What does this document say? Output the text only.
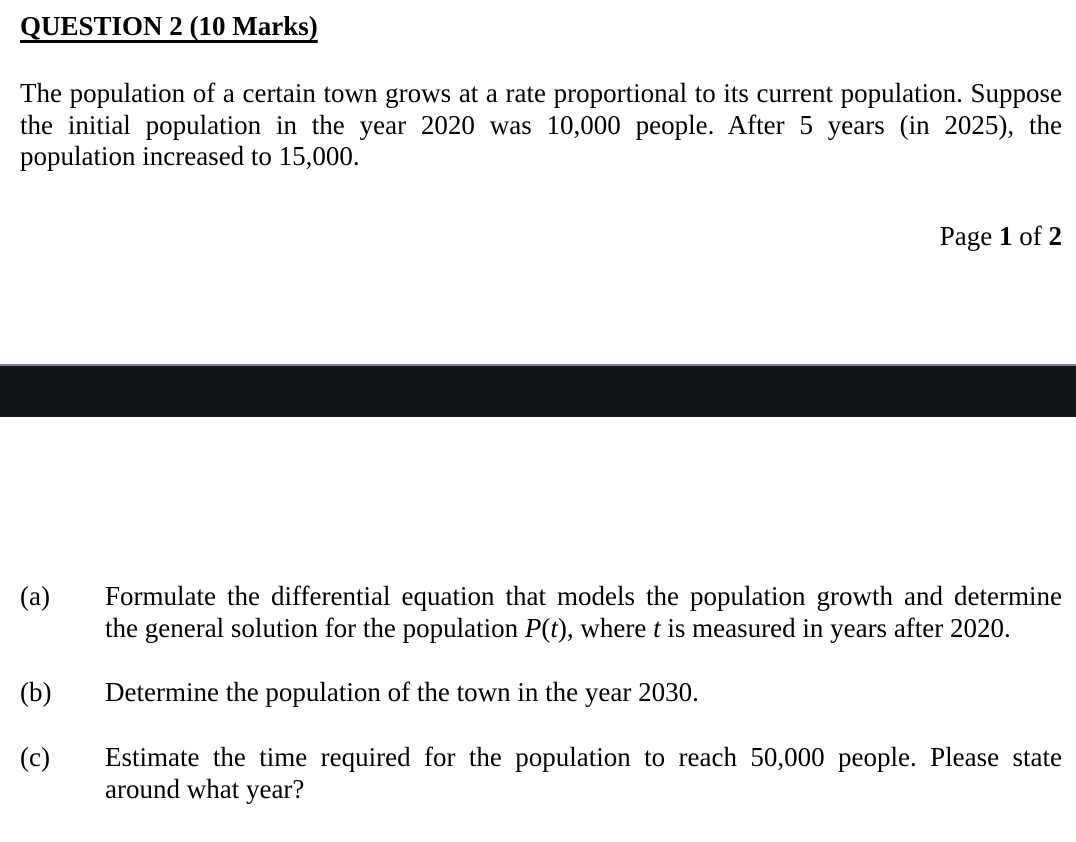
QUESTION 2 (10 Marks)
The population of a certain town grows at a rate proportional to its current population. Suppose
the initial population in the year 2020 was 10,000 people. After 5 years (in 2025), the
population increased to 15,000.
Page 1 of 2
(a)	Formulate the differential equation that models the population growth and determine
the general solution for the population P(t), where t is measured in years after 2020.
(b)	Determine the population of the town in the year 2030.
(c)	Estimate the time required for the population to reach 50,000 people. Please state
around what year?
